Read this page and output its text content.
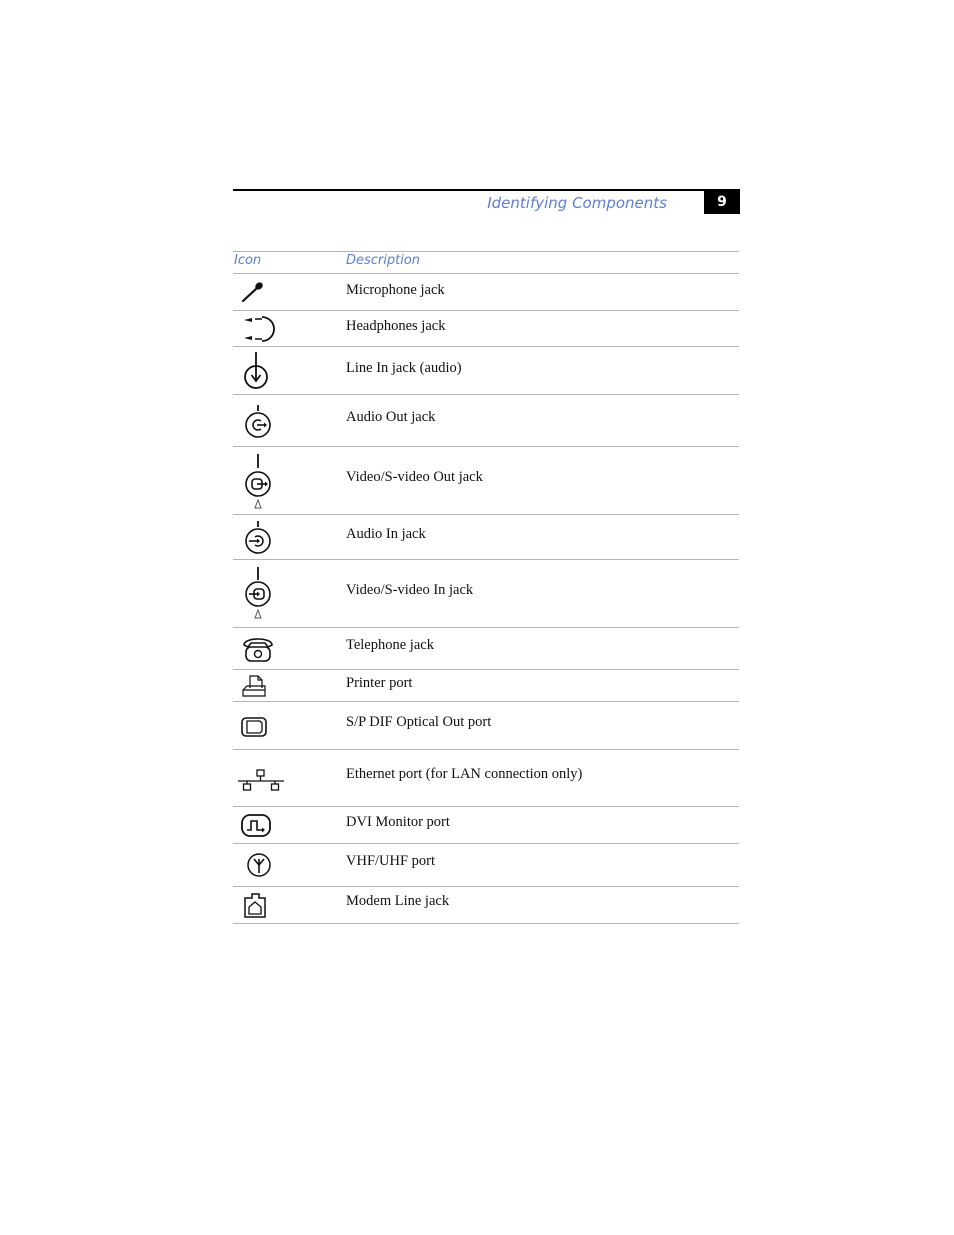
Identifying Components	9
Icon	Description
Microphone jack
Headphones jack
Line In jack (audio)
Audio Out jack
Video/S-video Out jack
Audio In jack
Video/S-video In jack
Telephone jack
Printer port
S/P DIF Optical Out port
Ethernet port (for LAN connection only)
DVI Monitor port
VHF/UHF port
Modem Line jack
